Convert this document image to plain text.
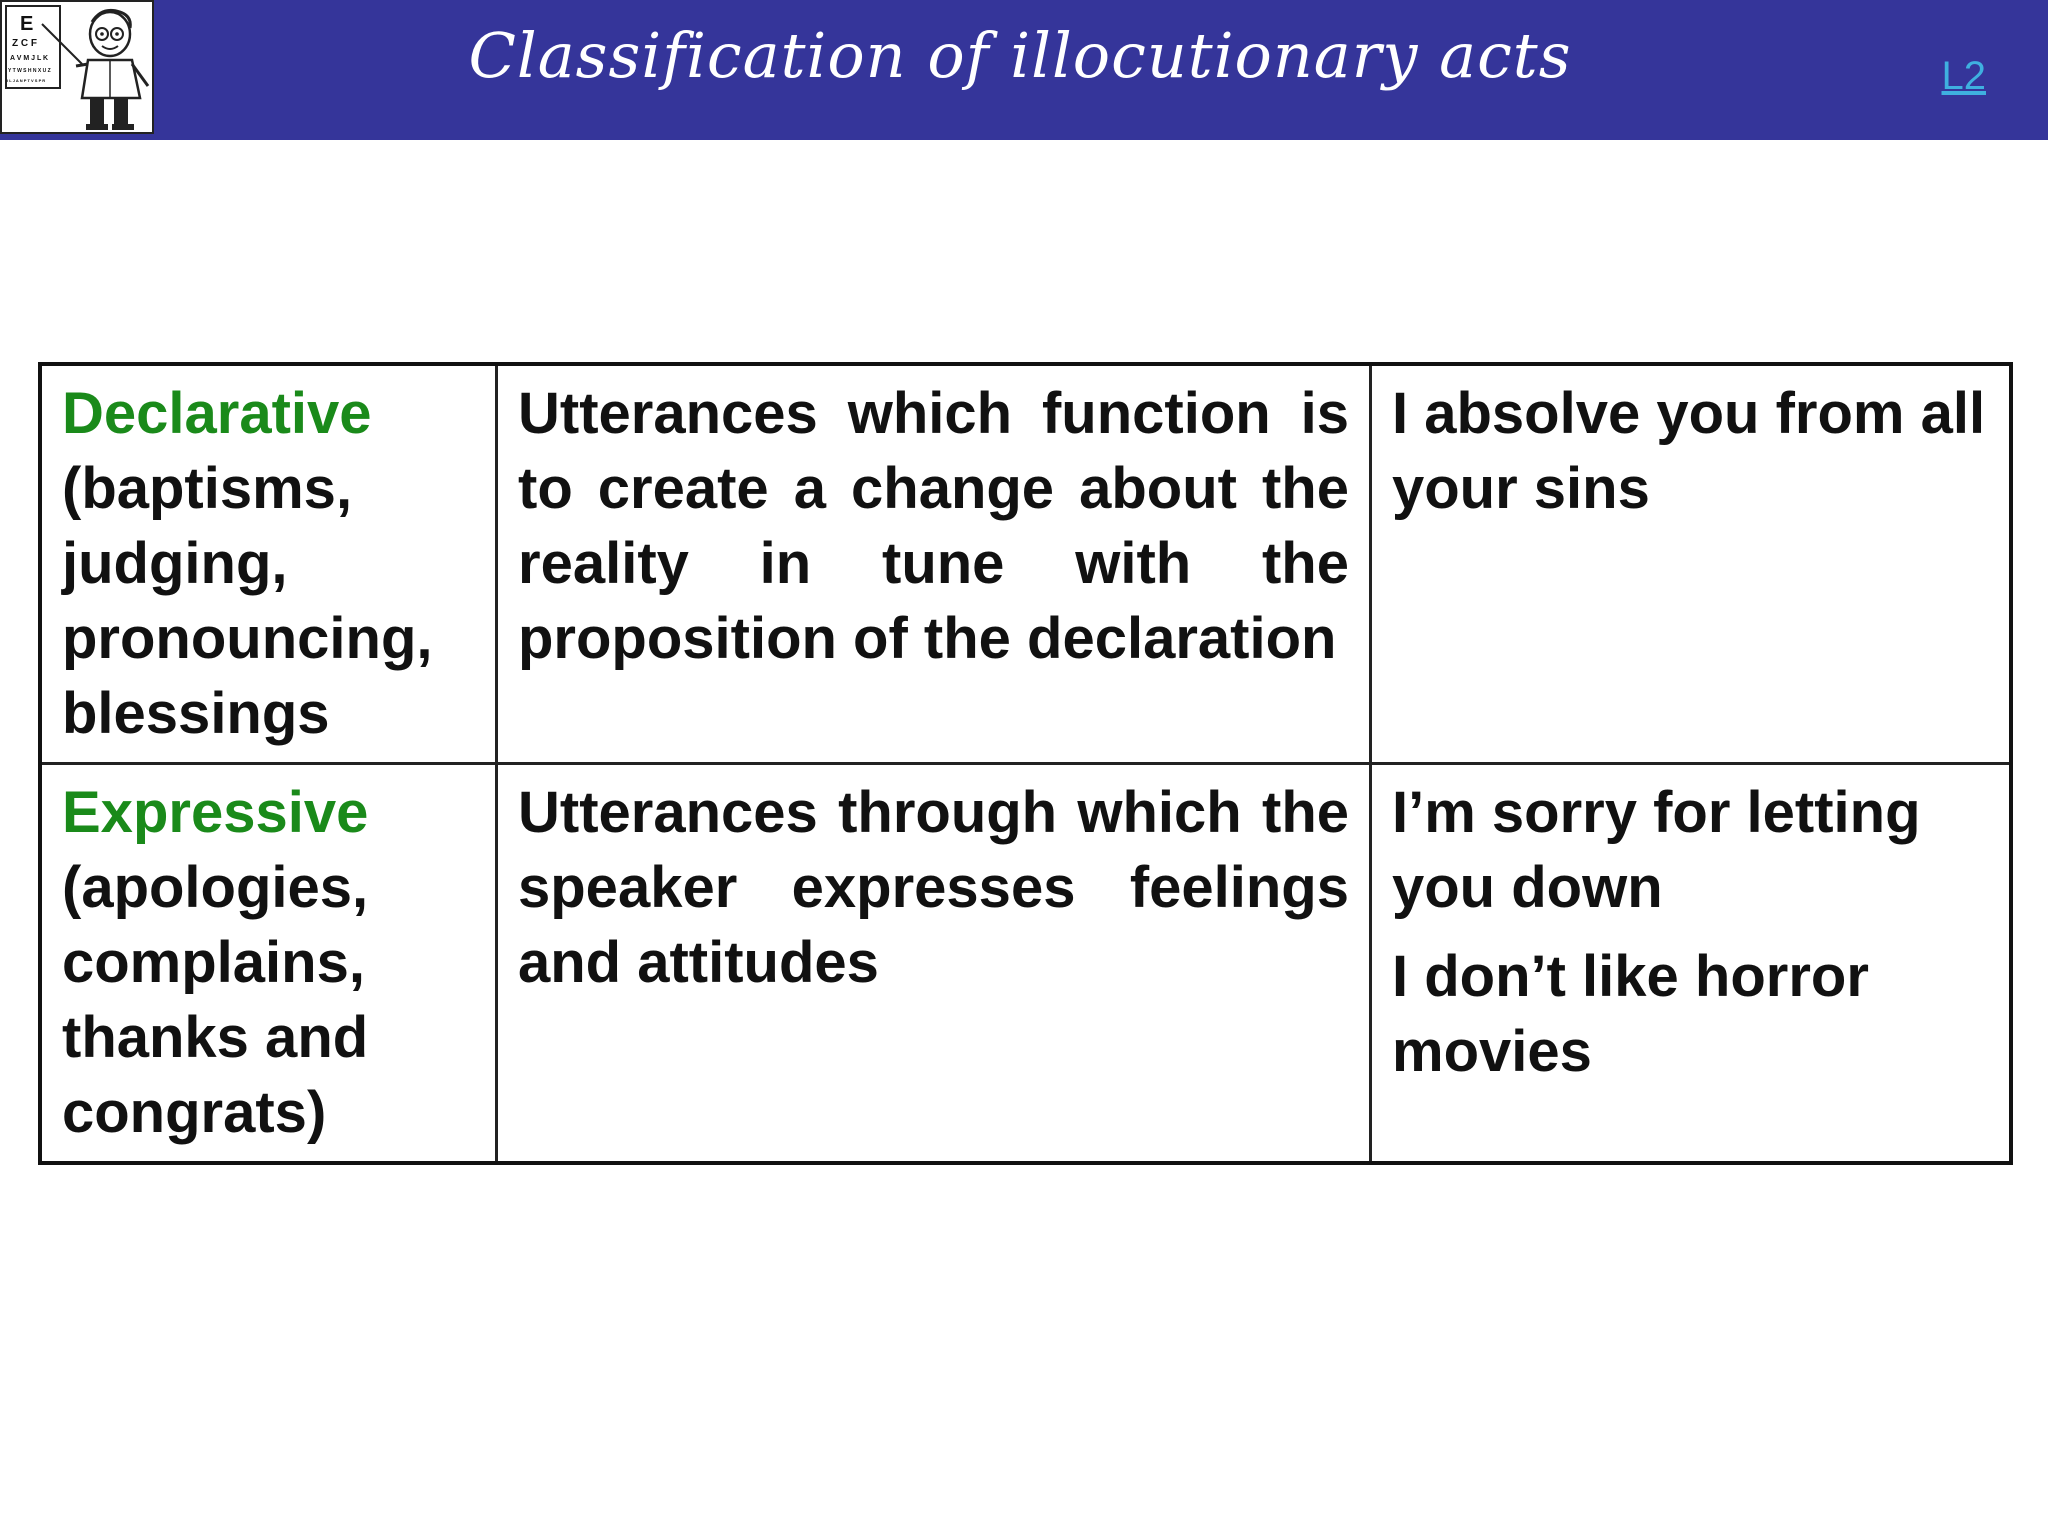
E
Z C F
A V M J L K
Y T W S H N X U Z
I L J A N P T V S P R	Classification of illocutionary acts	L2
Declarative
(baptisms, judging, pronouncing, blessings	Utterances which function is to create a change about the reality in tune with the proposition of the declaration	I absolve you from all your sins

Expressive
(apologies, complains, thanks and congrats)	Utterances through which the speaker expresses feelings and attitudes	I’m sorry for letting you down
I don’t like horror movies
